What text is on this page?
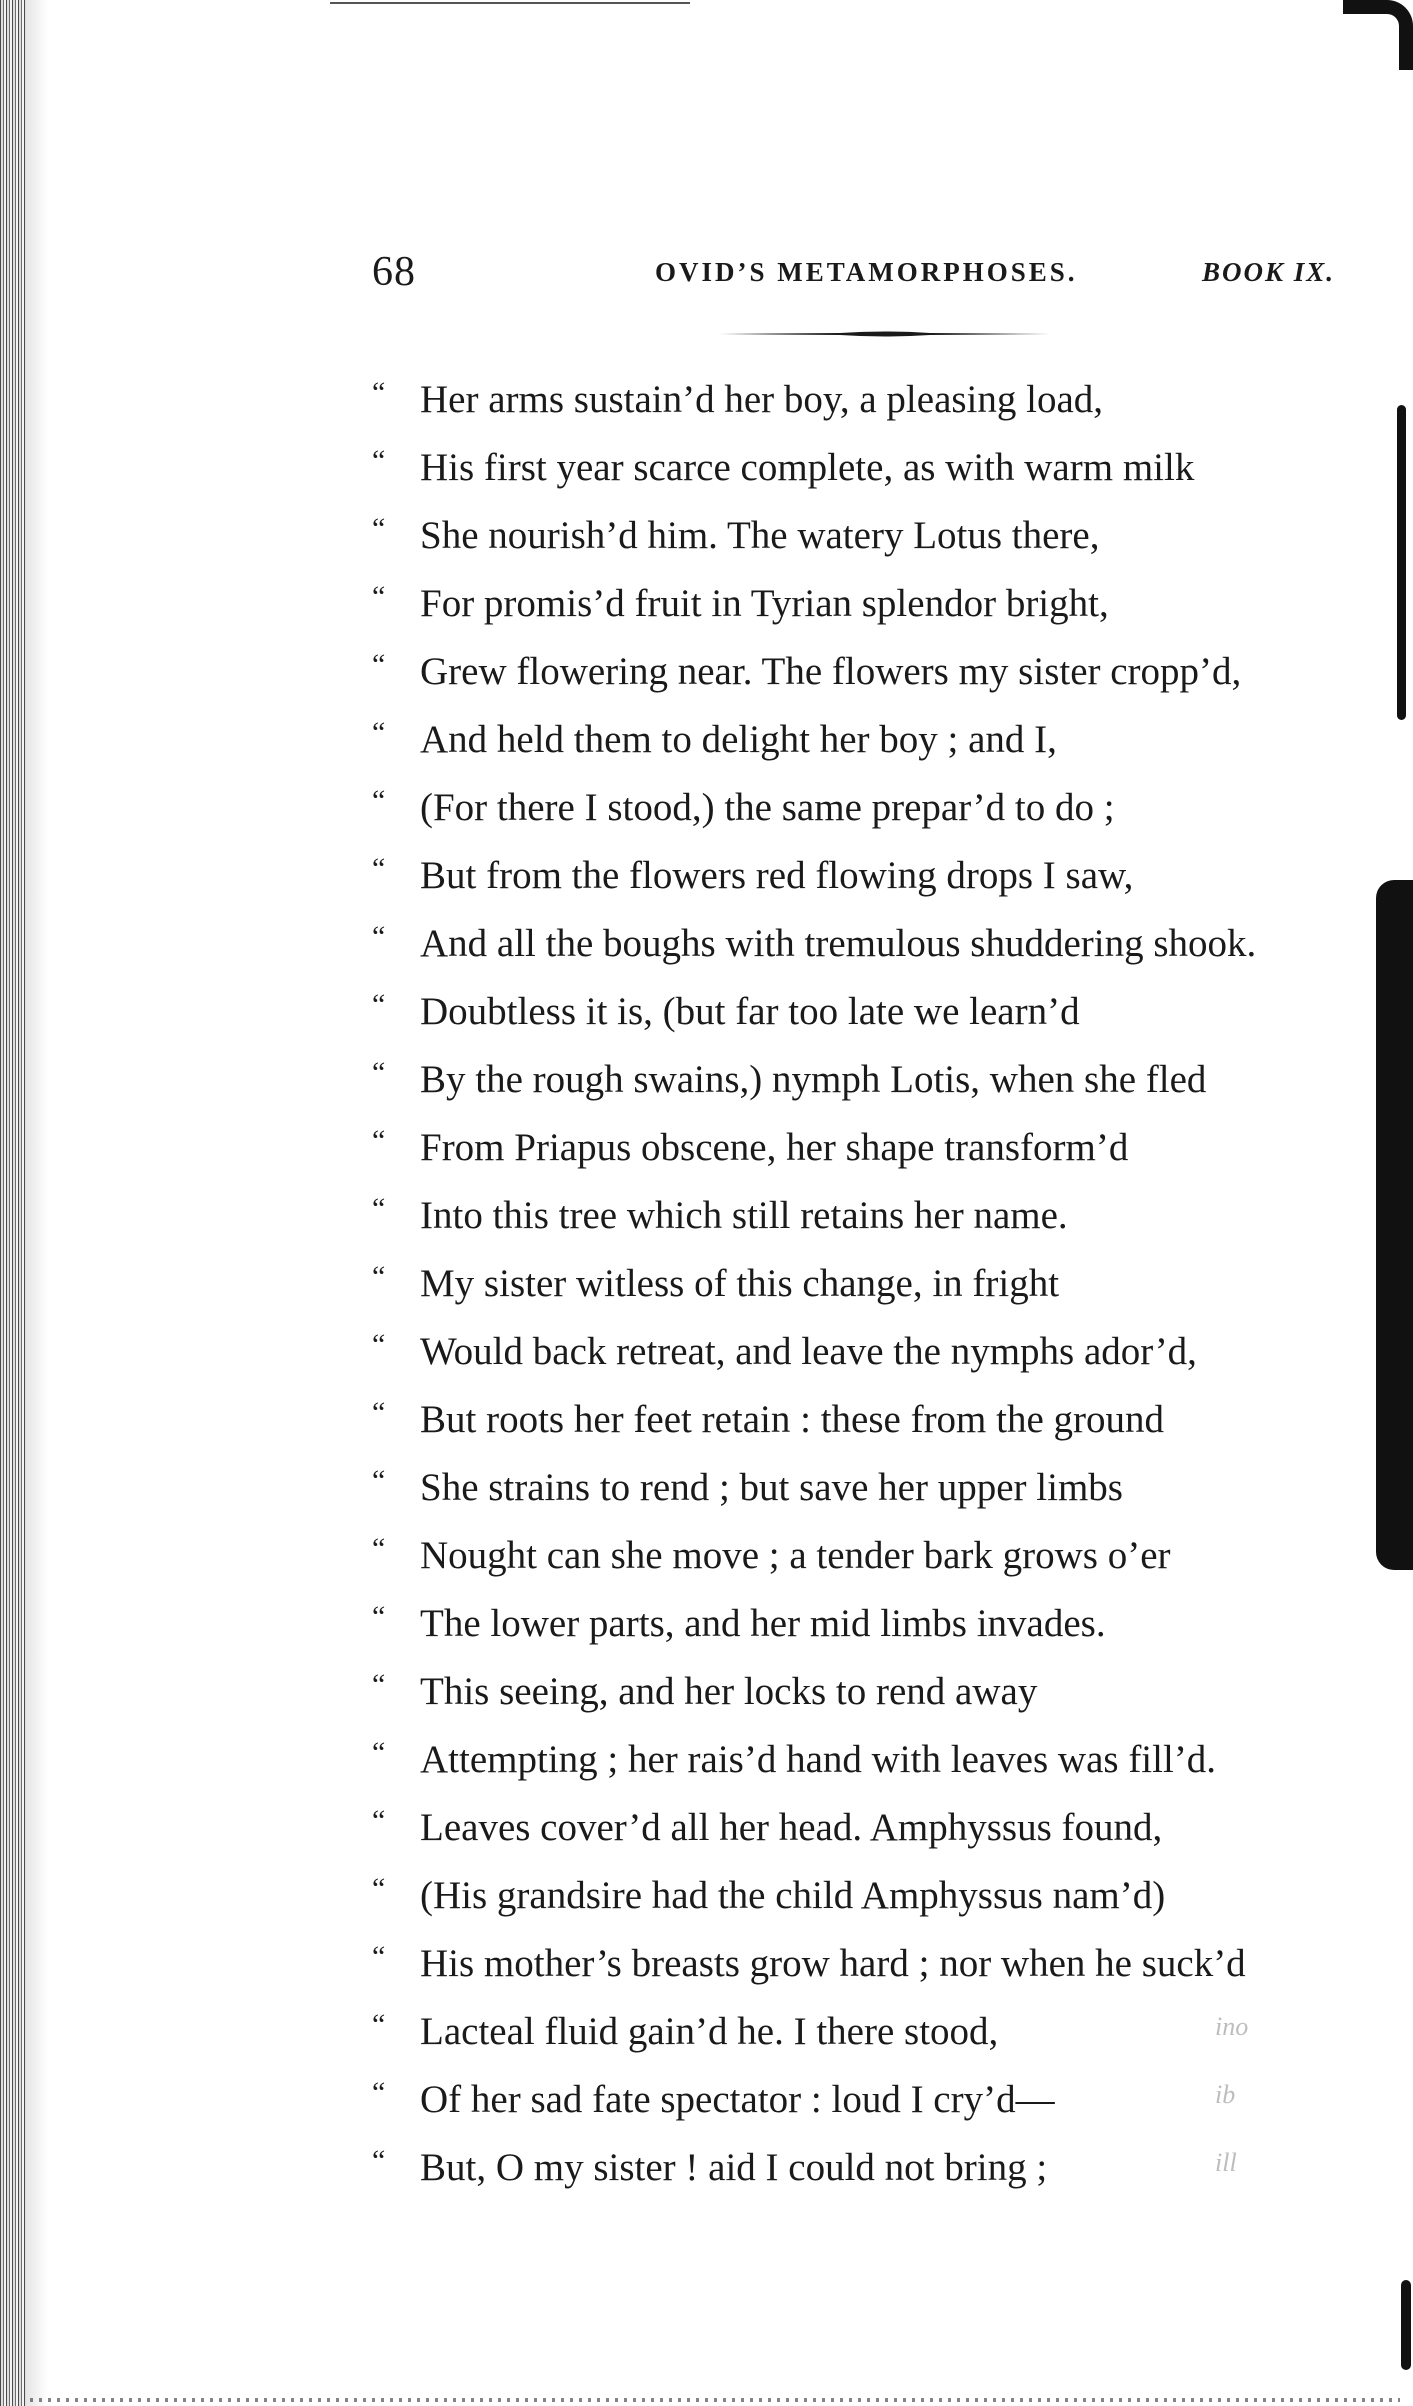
68	OVID’S METAMORPHOSES.	BOOK IX.
“ Her arms sustain’d her boy, a pleasing load,
“ His first year scarce complete, as with warm milk
“ She nourish’d him. The watery Lotus there,
“ For promis’d fruit in Tyrian splendor bright,
“ Grew flowering near. The flowers my sister cropp’d,
“ And held them to delight her boy ; and I,
“ (For there I stood,) the same prepar’d to do ;
“ But from the flowers red flowing drops I saw,
“ And all the boughs with tremulous shuddering shook.
“ Doubtless it is, (but far too late we learn’d
“ By the rough swains,) nymph Lotis, when she fled
“ From Priapus obscene, her shape transform’d
“ Into this tree which still retains her name.
“ My sister witless of this change, in fright
“ Would back retreat, and leave the nymphs ador’d,
“ But roots her feet retain : these from the ground
“ She strains to rend ; but save her upper limbs
“ Nought can she move ; a tender bark grows o’er
“ The lower parts, and her mid limbs invades.
“ This seeing, and her locks to rend away
“ Attempting ; her rais’d hand with leaves was fill’d.
“ Leaves cover’d all her head. Amphyssus found,
“ (His grandsire had the child Amphyssus nam’d)
“ His mother’s breasts grow hard ; nor when he suck’d
“ Lacteal fluid gain’d he. I there stood,
“ Of her sad fate spectator : loud I cry’d—
“ But, O my sister ! aid I could not bring ;
ino
ib
ill
